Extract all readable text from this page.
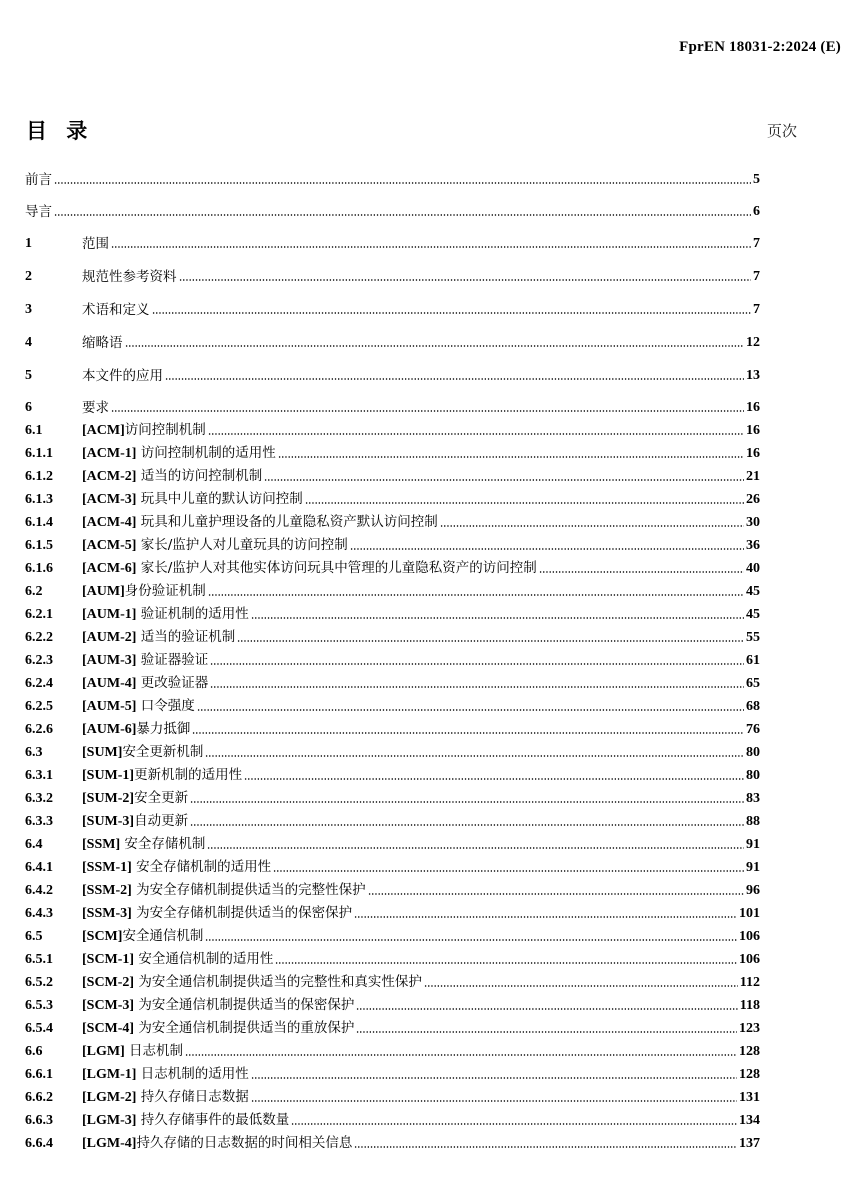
FprEN 18031-2:2024 (E)
目 录	页次
前言	5
导言	6
1	范围	7
2	规范性参考资料	7
3	术语和定义	7
4	缩略语	12
5	本文件的应用	13
6	要求	16
6.1	[ACM]访问控制机制	16
6.1.1	[ACM-1] 访问控制机制的适用性	16
6.1.2	[ACM-2] 适当的访问控制机制	21
6.1.3	[ACM-3] 玩具中儿童的默认访问控制	26
6.1.4	[ACM-4] 玩具和儿童护理设备的儿童隐私资产默认访问控制	30
6.1.5	[ACM-5] 家长/监护人对儿童玩具的访问控制	36
6.1.6	[ACM-6] 家长/监护人对其他实体访问玩具中管理的儿童隐私资产的访问控制	40
6.2	[AUM]身份验证机制	45
6.2.1	[AUM-1] 验证机制的适用性	45
6.2.2	[AUM-2] 适当的验证机制	55
6.2.3	[AUM-3] 验证器验证	61
6.2.4	[AUM-4] 更改验证器	65
6.2.5	[AUM-5] 口令强度	68
6.2.6	[AUM-6]暴力抵御	76
6.3	[SUM]安全更新机制	80
6.3.1	[SUM-1]更新机制的适用性	80
6.3.2	[SUM-2]安全更新	83
6.3.3	[SUM-3]自动更新	88
6.4	[SSM] 安全存储机制	91
6.4.1	[SSM-1] 安全存储机制的适用性	91
6.4.2	[SSM-2] 为安全存储机制提供适当的完整性保护	96
6.4.3	[SSM-3] 为安全存储机制提供适当的保密保护	101
6.5	[SCM]安全通信机制	106
6.5.1	[SCM-1] 安全通信机制的适用性	106
6.5.2	[SCM-2] 为安全通信机制提供适当的完整性和真实性保护	112
6.5.3	[SCM-3] 为安全通信机制提供适当的保密保护	118
6.5.4	[SCM-4] 为安全通信机制提供适当的重放保护	123
6.6	[LGM] 日志机制	128
6.6.1	[LGM-1] 日志机制的适用性	128
6.6.2	[LGM-2] 持久存储日志数据	131
6.6.3	[LGM-3] 持久存储事件的最低数量	134
6.6.4	[LGM-4]持久存储的日志数据的时间相关信息	137
